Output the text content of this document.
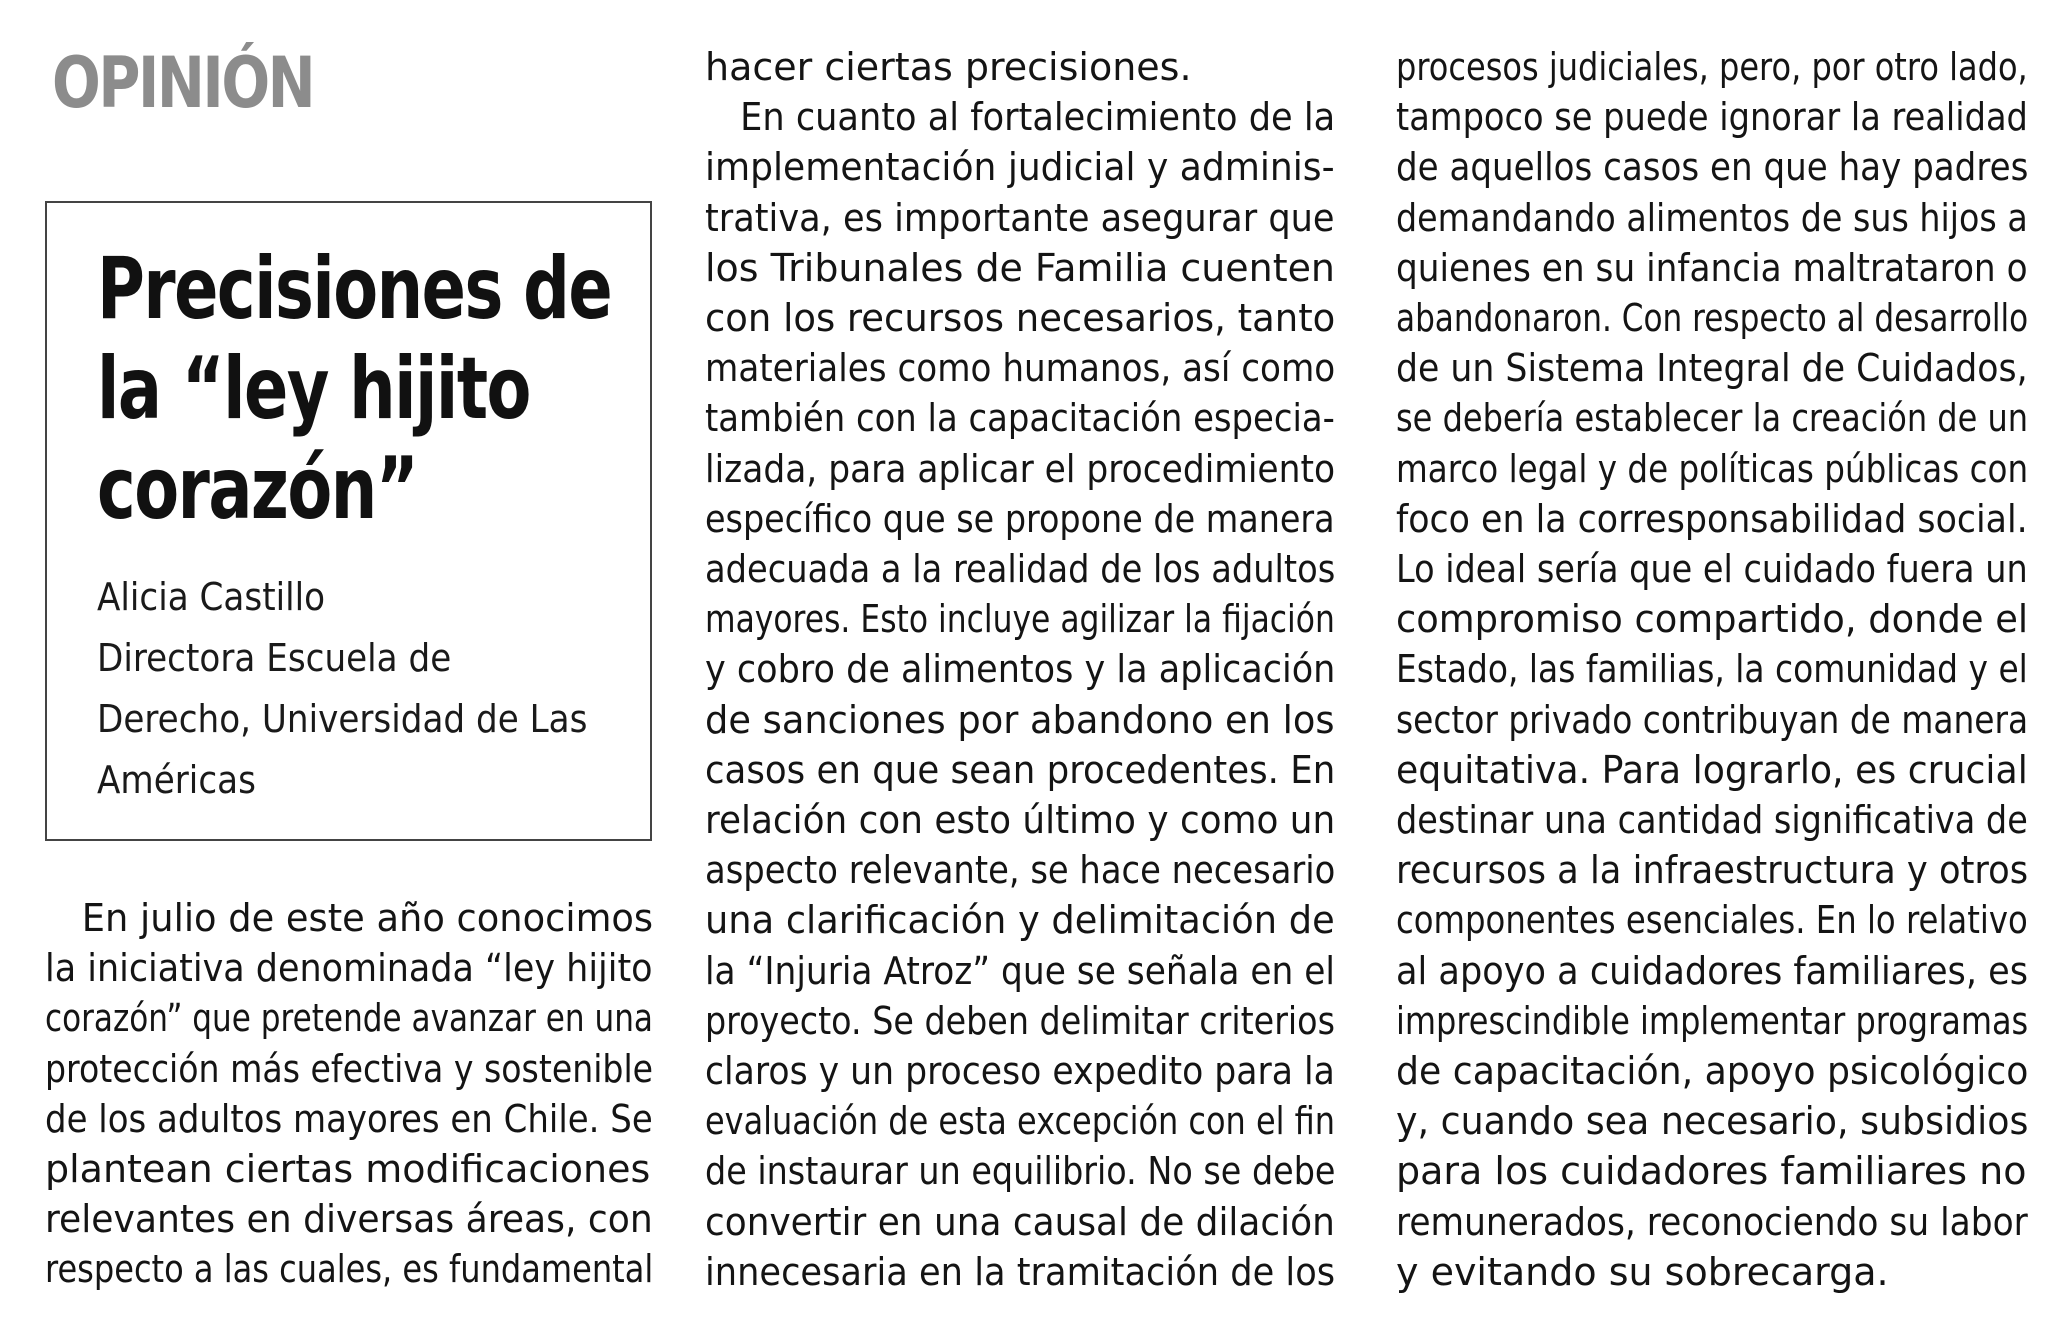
OPINIÓN
Precisiones de
la “ley hijito
corazón”
Alicia Castillo
Directora Escuela de
Derecho, Universidad de Las
Américas
 En julio de este año conocimos
la iniciativa denominada “ley hijito
corazón” que pretende avanzar en una
protección más efectiva y sostenible
de los adultos mayores en Chile. Se
plantean ciertas modificaciones
relevantes en diversas áreas, con
respecto a las cuales, es fundamental
hacer ciertas precisiones.
 En cuanto al fortalecimiento de la
implementación judicial y adminis-
trativa, es importante asegurar que
los Tribunales de Familia cuenten
con los recursos necesarios, tanto
materiales como humanos, así como
también con la capacitación especia-
lizada, para aplicar el procedimiento
específico que se propone de manera
adecuada a la realidad de los adultos
mayores. Esto incluye agilizar la fijación
y cobro de alimentos y la aplicación
de sanciones por abandono en los
casos en que sean procedentes. En
relación con esto último y como un
aspecto relevante, se hace necesario
una clarificación y delimitación de
la “Injuria Atroz” que se señala en el
proyecto. Se deben delimitar criterios
claros y un proceso expedito para la
evaluación de esta excepción con el fin
de instaurar un equilibrio. No se debe
convertir en una causal de dilación
innecesaria en la tramitación de los
procesos judiciales, pero, por otro lado,
tampoco se puede ignorar la realidad
de aquellos casos en que hay padres
demandando alimentos de sus hijos a
quienes en su infancia maltrataron o
abandonaron. Con respecto al desarrollo
de un Sistema Integral de Cuidados,
se debería establecer la creación de un
marco legal y de políticas públicas con
foco en la corresponsabilidad social.
Lo ideal sería que el cuidado fuera un
compromiso compartido, donde el
Estado, las familias, la comunidad y el
sector privado contribuyan de manera
equitativa. Para lograrlo, es crucial
destinar una cantidad significativa de
recursos a la infraestructura y otros
componentes esenciales. En lo relativo
al apoyo a cuidadores familiares, es
imprescindible implementar programas
de capacitación, apoyo psicológico
y, cuando sea necesario, subsidios
para los cuidadores familiares no
remunerados, reconociendo su labor
y evitando su sobrecarga.
